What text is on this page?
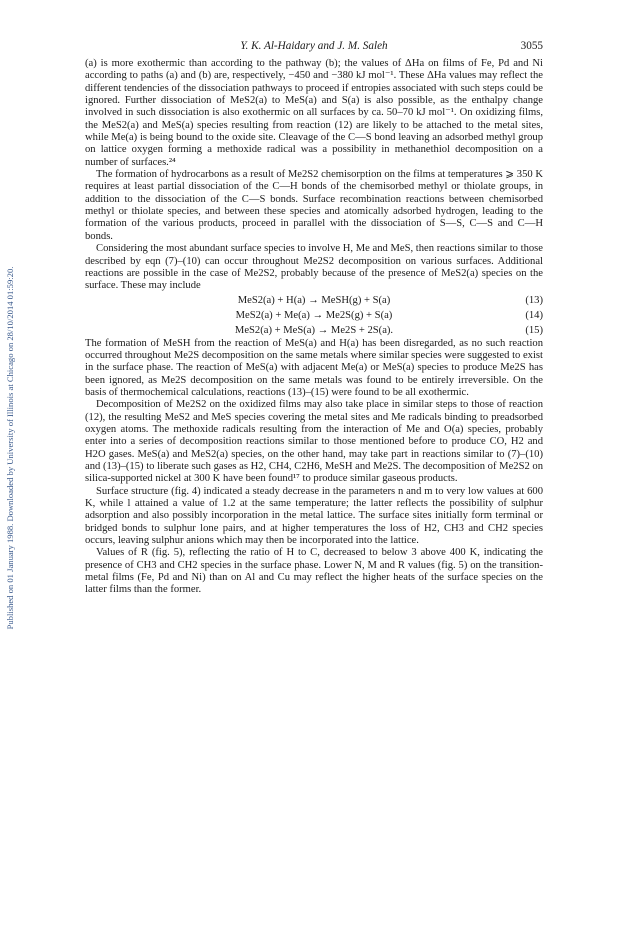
Published on 01 January 1988. Downloaded by University of Illinois at Chicago on 28/10/2014 01:59:20.
Y. K. Al-Haidary and J. M. Saleh	3055

(a) is more exothermic than according to the pathway (b); the values of ΔHa on films of Fe, Pd and Ni according to paths (a) and (b) are, respectively, −450 and −380 kJ mol⁻¹. These ΔHa values may reflect the different tendencies of the dissociation pathways to proceed if entropies associated with such steps could be ignored. Further dissociation of MeS2(a) to MeS(a) and S(a) is also possible, as the enthalpy change involved in such dissociation is also exothermic on all surfaces by ca. 50–70 kJ mol⁻¹. On oxidizing films, the MeS2(a) and MeS(a) species resulting from reaction (12) are likely to be attached to the metal sites, while Me(a) is being bound to the oxide site. Cleavage of the C—S bond leaving an adsorbed methyl group on lattice oxygen forming a methoxide radical was a possibility in methanethiol decomposition on a number of surfaces.²⁴

The formation of hydrocarbons as a result of Me2S2 chemisorption on the films at temperatures ⩾ 350 K requires at least partial dissociation of the C—H bonds of the chemisorbed methyl or thiolate groups, in addition to the dissociation of the C—S bonds. Surface recombination reactions between chemisorbed methyl or thiolate species, and between these species and atomically adsorbed hydrogen, leading to the formation of the various products, proceed in parallel with the dissociation of S—S, C—S and C—H bonds.

Considering the most abundant surface species to involve H, Me and MeS, then reactions similar to those described by eqn (7)–(10) can occur throughout Me2S2 decomposition on various surfaces. Additional reactions are possible in the case of Me2S2, probably because of the presence of MeS2(a) species on the surface. These may include

MeS2(a) + H(a) → MeSH(g) + S(a)	(13)
MeS2(a) + Me(a) → Me2S(g) + S(a)	(14)
MeS2(a) + MeS(a) → Me2S + 2S(a).	(15)

The formation of MeSH from the reaction of MeS(a) and H(a) has been disregarded, as no such reaction occurred throughout Me2S decomposition on the same metals where similar species were suggested to exist in the surface phase. The reaction of MeS(a) with adjacent Me(a) or MeS(a) species to produce Me2S has been ignored, as Me2S decomposition on the same metals was found to be entirely irreversible. On the basis of thermochemical calculations, reactions (13)–(15) were found to be all exothermic.

Decomposition of Me2S2 on the oxidized films may also take place in similar steps to those of reaction (12), the resulting MeS2 and MeS species covering the metal sites and Me radicals binding to preadsorbed oxygen atoms. The methoxide radicals resulting from the interaction of Me and O(a) species, probably enter into a series of decomposition reactions similar to those mentioned before to produce CO, H2 and H2O gases. MeS(a) and MeS2(a) species, on the other hand, may take part in reactions similar to (7)–(10) and (13)–(15) to liberate such gases as H2, CH4, C2H6, MeSH and Me2S. The decomposition of Me2S2 on silica-supported nickel at 300 K have been found¹⁷ to produce similar gaseous products.

Surface structure (fig. 4) indicated a steady decrease in the parameters n and m to very low values at 600 K, while l attained a value of 1.2 at the same temperature; the latter reflects the possibility of sulphur adsorption and also possibly incorporation in the metal lattice. The surface sites initially form terminal or bridged bonds to sulphur lone pairs, and at higher temperatures the loss of H2, CH3 and CH2 species occurs, leaving sulphur anions which may then be incorporated into the lattice.

Values of R (fig. 5), reflecting the ratio of H to C, decreased to below 3 above 400 K, indicating the presence of CH3 and CH2 species in the surface phase. Lower N, M and R values (fig. 5) on the transition-metal films (Fe, Pd and Ni) than on Al and Cu may reflect the higher heats of the surface species on the latter films than the former.
